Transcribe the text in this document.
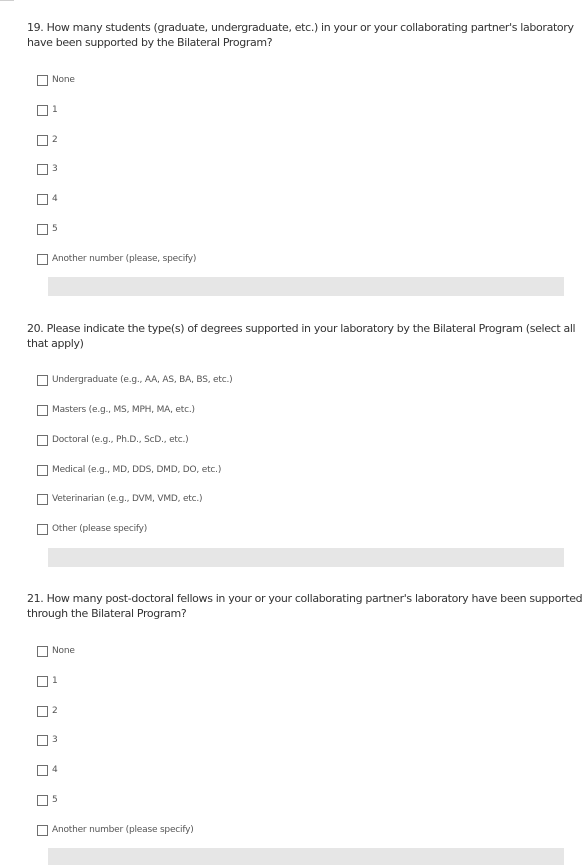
19. How many students (graduate, undergraduate, etc.) in your or your collaborating partner's laboratory have been supported by the Bilateral Program?
None
1
2
3
4
5
Another number (please, specify)
20. Please indicate the type(s) of degrees supported in your laboratory by the Bilateral Program (select all that apply)
Undergraduate (e.g., AA, AS, BA, BS, etc.)
Masters (e.g., MS, MPH, MA, etc.)
Doctoral (e.g., Ph.D., ScD., etc.)
Medical (e.g., MD, DDS, DMD, DO, etc.)
Veterinarian (e.g., DVM, VMD, etc.)
Other (please specify)
21. How many post-doctoral fellows in your or your collaborating partner's laboratory have been supported through the Bilateral Program?
None
1
2
3
4
5
Another number (please specify)
